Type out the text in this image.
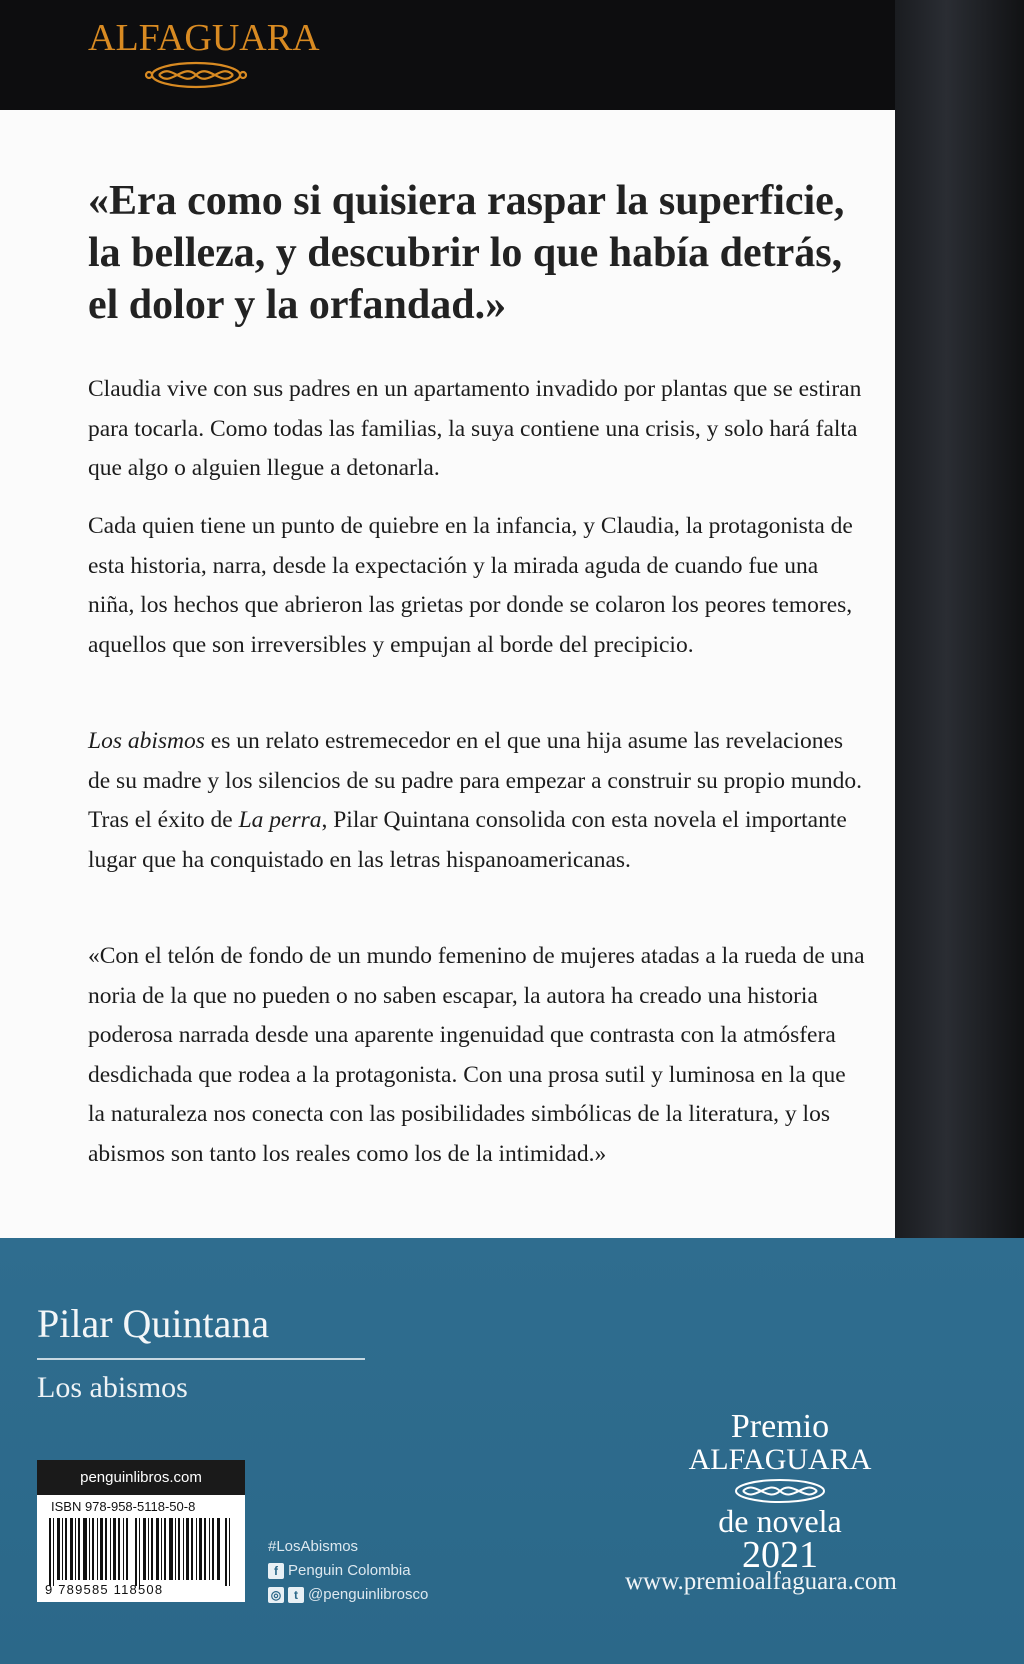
ALFAGUARA
«Era como si quisiera raspar la superficie, la belleza, y descubrir lo que había detrás, el dolor y la orfandad.»
Claudia vive con sus padres en un apartamento invadido por plantas que se estiran para tocarla. Como todas las familias, la suya contiene una crisis, y solo hará falta que algo o alguien llegue a detonarla.
Cada quien tiene un punto de quiebre en la infancia, y Claudia, la protagonista de esta historia, narra, desde la expectación y la mirada aguda de cuando fue una niña, los hechos que abrieron las grietas por donde se colaron los peores temores, aquellos que son irreversibles y empujan al borde del precipicio.
Los abismos es un relato estremecedor en el que una hija asume las revelaciones de su madre y los silencios de su padre para empezar a construir su propio mundo. Tras el éxito de La perra, Pilar Quintana consolida con esta novela el importante lugar que ha conquistado en las letras hispanoamericanas.
«Con el telón de fondo de un mundo femenino de mujeres atadas a la rueda de una noria de la que no pueden o no saben escapar, la autora ha creado una historia poderosa narrada desde una aparente ingenuidad que contrasta con la atmósfera desdichada que rodea a la protagonista. Con una prosa sutil y luminosa en la que la naturaleza nos conecta con las posibilidades simbólicas de la literatura, y los abismos son tanto los reales como los de la intimidad.»
Pilar Quintana
Los abismos
penguinlibros.com
ISBN 978-958-5118-50-8
9 789585 118508
#LosAbismos
f Penguin Colombia
◎	t @penguinlibrosco
Premio
ALFAGUARA
de novela
2021
www.premioalfaguara.com
